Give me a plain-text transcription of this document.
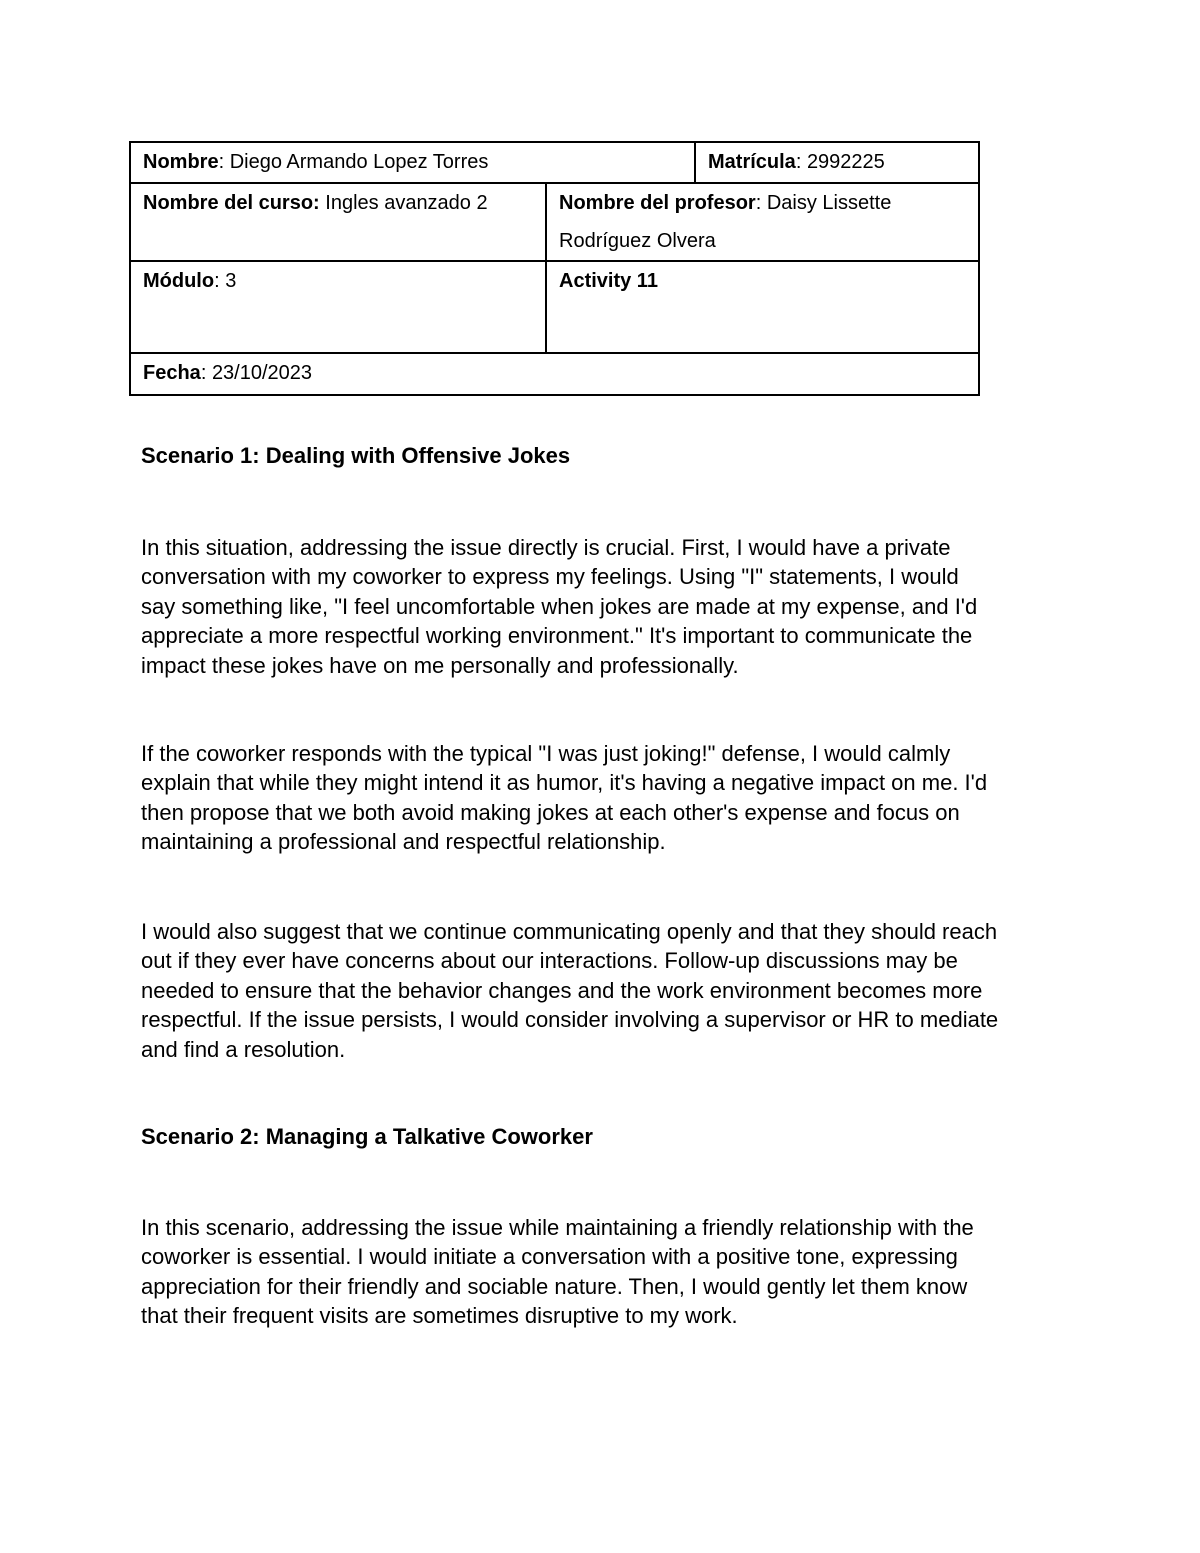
Nombre: Diego Armando Lopez Torres		Matrícula: 2992225
Nombre del curso: Ingles avanzado 2	Nombre del profesor: Daisy Lissette
Rodríguez Olvera	
Módulo: 3	Activity 11	
Fecha: 23/10/2023		
Scenario 1: Dealing with Offensive Jokes
In this situation, addressing the issue directly is crucial. First, I would have a private
conversation with my coworker to express my feelings. Using "I" statements, I would
say something like, "I feel uncomfortable when jokes are made at my expense, and I'd
appreciate a more respectful working environment." It's important to communicate the
impact these jokes have on me personally and professionally.
If the coworker responds with the typical "I was just joking!" defense, I would calmly
explain that while they might intend it as humor, it's having a negative impact on me. I'd
then propose that we both avoid making jokes at each other's expense and focus on
maintaining a professional and respectful relationship.
I would also suggest that we continue communicating openly and that they should reach
out if they ever have concerns about our interactions. Follow-up discussions may be
needed to ensure that the behavior changes and the work environment becomes more
respectful. If the issue persists, I would consider involving a supervisor or HR to mediate
and find a resolution.
Scenario 2: Managing a Talkative Coworker
In this scenario, addressing the issue while maintaining a friendly relationship with the
coworker is essential. I would initiate a conversation with a positive tone, expressing
appreciation for their friendly and sociable nature. Then, I would gently let them know
that their frequent visits are sometimes disruptive to my work.
